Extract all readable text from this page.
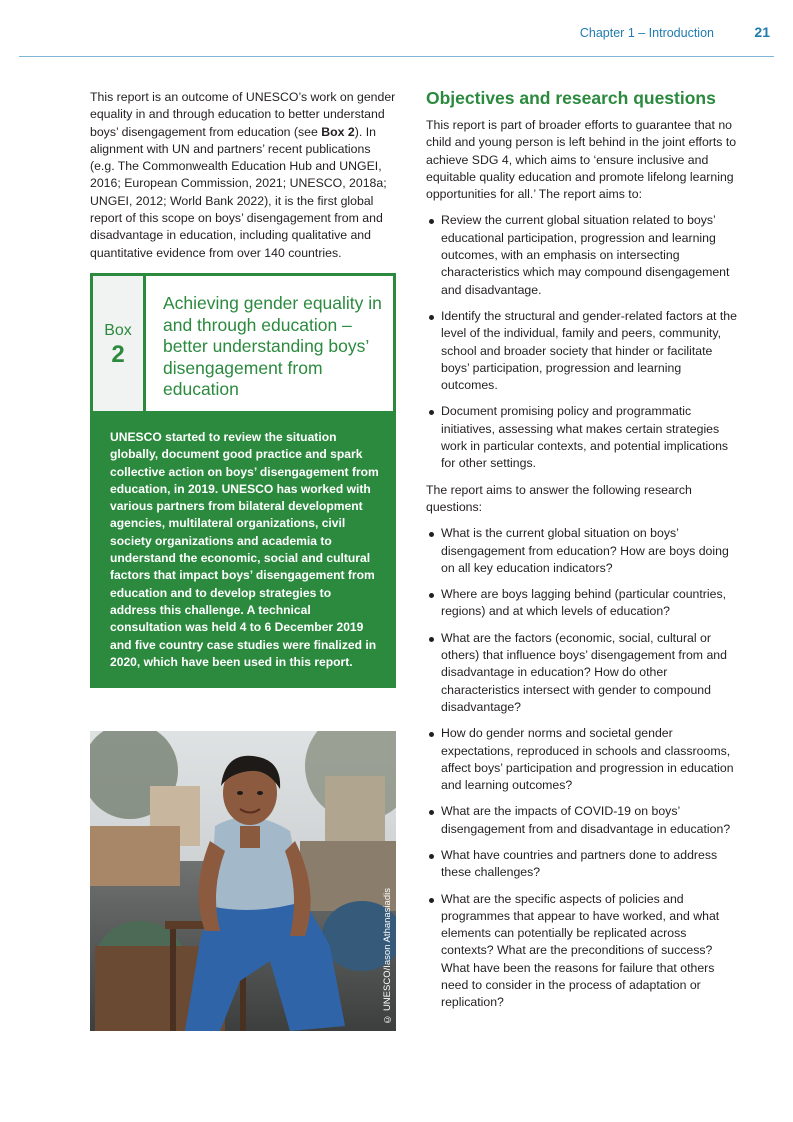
Chapter 1 – Introduction	21

This report is an outcome of UNESCO’s work on gender equality in and through education to better understand boys’ disengagement from education (see Box 2). In alignment with UN and partners’ recent publications (e.g. The Commonwealth Education Hub and UNGEI, 2016; European Commission, 2021; UNESCO, 2018a; UNGEI, 2012; World Bank 2022), it is the first global report of this scope on boys’ disengagement from and disadvantage in education, including qualitative and quantitative evidence from over 140 countries.

Box
2
Achieving gender equality in and through education – better understanding boys’ disengagement from education

UNESCO started to review the situation globally, document good practice and spark collective action on boys’ disengagement from education, in 2019. UNESCO has worked with various partners from bilateral development agencies, multilateral organizations, civil society organizations and academia to understand the economic, social and cultural factors that impact boys’ disengagement from education and to develop strategies to address this challenge. A technical consultation was held 4 to 6 December 2019 and five country case studies were finalized in 2020, which have been used in this report.

© UNESCO/Iason Athanasiadis
Objectives and research questions

This report is part of broader efforts to guarantee that no child and young person is left behind in the joint efforts to achieve SDG 4, which aims to ‘ensure inclusive and equitable quality education and promote lifelong learning opportunities for all.’ The report aims to:

Review the current global situation related to boys’ educational participation, progression and learning outcomes, with an emphasis on intersecting characteristics which may compound disengagement and disadvantage.
Identify the structural and gender-related factors at the level of the individual, family and peers, community, school and broader society that hinder or facilitate boys’ participation, progression and learning outcomes.
Document promising policy and programmatic initiatives, assessing what makes certain strategies work in particular contexts, and potential implications for other settings.

The report aims to answer the following research questions:

What is the current global situation on boys’ disengagement from education? How are boys doing on all key education indicators?
Where are boys lagging behind (particular countries, regions) and at which levels of education?
What are the factors (economic, social, cultural or others) that influence boys’ disengagement from and disadvantage in education? How do other characteristics intersect with gender to compound disadvantage?
How do gender norms and societal gender expectations, reproduced in schools and classrooms, affect boys’ participation and progression in education and learning outcomes?
What are the impacts of COVID-19 on boys’ disengagement from and disadvantage in education?
What have countries and partners done to address these challenges?
What are the specific aspects of policies and programmes that appear to have worked, and what elements can potentially be replicated across contexts? What are the preconditions of success? What have been the reasons for failure that others need to consider in the process of adaptation or replication?
